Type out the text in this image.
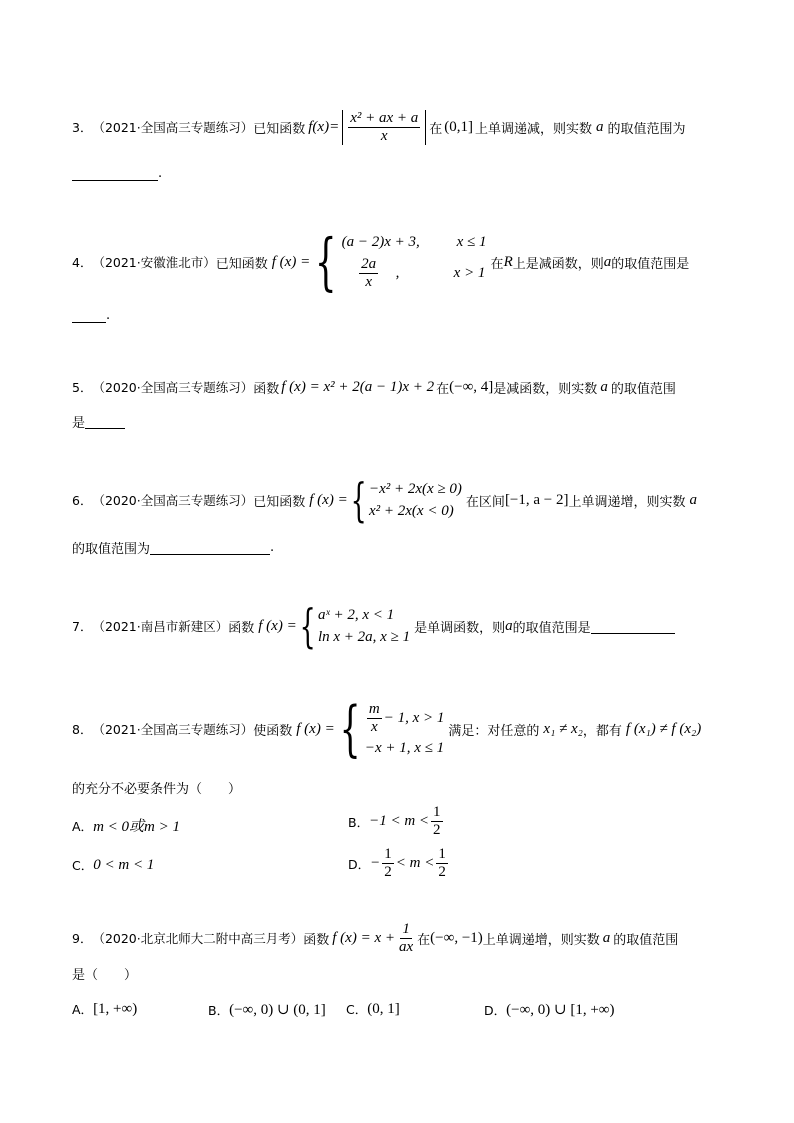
3． （2021·全国高三专题练习） 已知函数 $f(x)= \frac{\text{x² + ax + a}}{x}$ 在 (0,1] 上单调递减，则实数 a 的取值范围为
.
4． （2021·安徽淮北市） 已知函数 f (x) = { (a − 2)x + 3,	x ≤ 1
$\frac{2a}{x}$ ,	x > 1
在 R 上是减函数，则 a 的取值范围是
.
5． （2020·全国高三专题练习） 函数 f (x) = x² + 2(a − 1)x + 2 在 (−∞, 4] 是减函数，则实数 a 的取值范围
是
6． （2020·全国高三专题练习） 已知函数 f (x) = { −x² + 2x(x ≥ 0)
x² + 2x(x < 0)
在区间 [−1, a − 2] 上单调递增，则实数 a
的取值范围为	.
7． （2021·南昌市新建区） 函数 f (x) = { aˣ + 2, x < 1
ln x + 2a, x ≥ 1
是单调函数，则 a 的取值范围是
8． （2021·全国高三专题练习） 使函数 f (x) = { $\frac{m}{x} - 1$, x > 1
−x + 1, x ≤ 1
满足：对任意的 x₁ ≠ x₂ ，都有 f (x₁) ≠ f (x₂)
的充分不必要条件为（　　）
A． m < 0或m > 1	B． $-1 < m < \frac{1}{2}$
C． 0 < m < 1	D． − $\frac{1}{2} < m < \frac{1}{2}$
9． （2020·北京北师大二附中高三月考） 函数 f $(x) = x + \frac{1}{ax}$ 在 (−∞, −1) 上单调递增，则实数 a 的取值范围
是（　　）
A． [1, +∞)	B． (−∞, 0) ∪ (0, 1] C． (0, 1]	D． (−∞, 0) ∪ [1, +∞)
